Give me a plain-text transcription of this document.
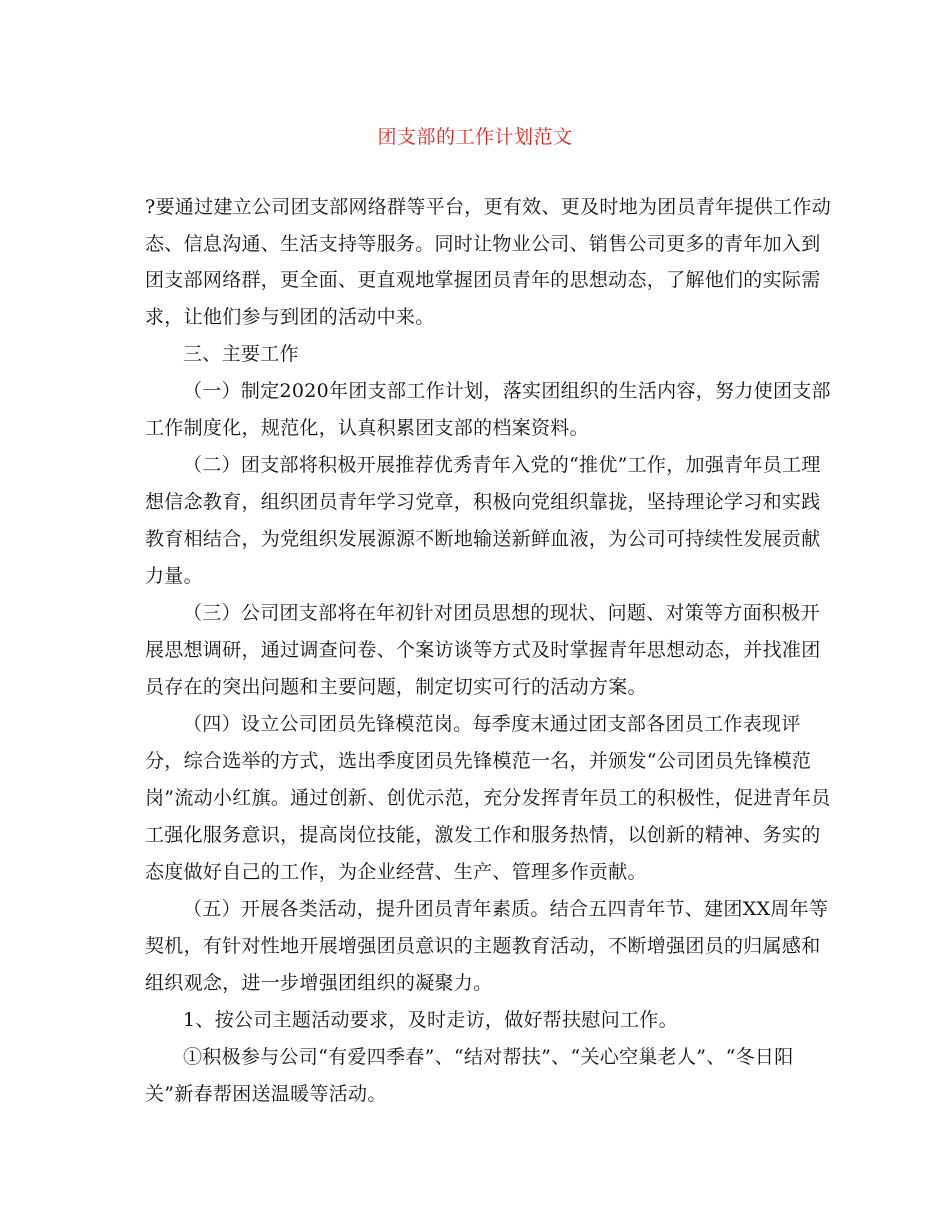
团支部的工作计划范文
?要通过建立公司团支部网络群等平台，更有效、更及时地为团员青年提供工作动
态、信息沟通、生活支持等服务。同时让物业公司、销售公司更多的青年加入到
团支部网络群，更全面、更直观地掌握团员青年的思想动态，了解他们的实际需
求，让他们参与到团的活动中来。
三、主要工作
（一）制定2020年团支部工作计划，落实团组织的生活内容，努力使团支部
工作制度化，规范化，认真积累团支部的档案资料。
（二）团支部将积极开展推荐优秀青年入党的“推优”工作，加强青年员工理
想信念教育，组织团员青年学习党章，积极向党组织靠拢，坚持理论学习和实践
教育相结合，为党组织发展源源不断地输送新鲜血液，为公司可持续性发展贡献
力量。
（三）公司团支部将在年初针对团员思想的现状、问题、对策等方面积极开
展思想调研，通过调查问卷、个案访谈等方式及时掌握青年思想动态，并找准团
员存在的突出问题和主要问题，制定切实可行的活动方案。
（四）设立公司团员先锋模范岗。每季度末通过团支部各团员工作表现评
分，综合选举的方式，选出季度团员先锋模范一名，并颁发“公司团员先锋模范
岗”流动小红旗。通过创新、创优示范，充分发挥青年员工的积极性，促进青年员
工强化服务意识，提高岗位技能，激发工作和服务热情，以创新的精神、务实的
态度做好自己的工作，为企业经营、生产、管理多作贡献。
（五）开展各类活动，提升团员青年素质。结合五四青年节、建团XX周年等
契机，有针对性地开展增强团员意识的主题教育活动，不断增强团员的归属感和
组织观念，进一步增强团组织的凝聚力。
1、按公司主题活动要求，及时走访，做好帮扶慰问工作。
①积极参与公司“有爱四季春”、“结对帮扶”、“关心空巢老人”、“冬日阳
关”新春帮困送温暖等活动。
